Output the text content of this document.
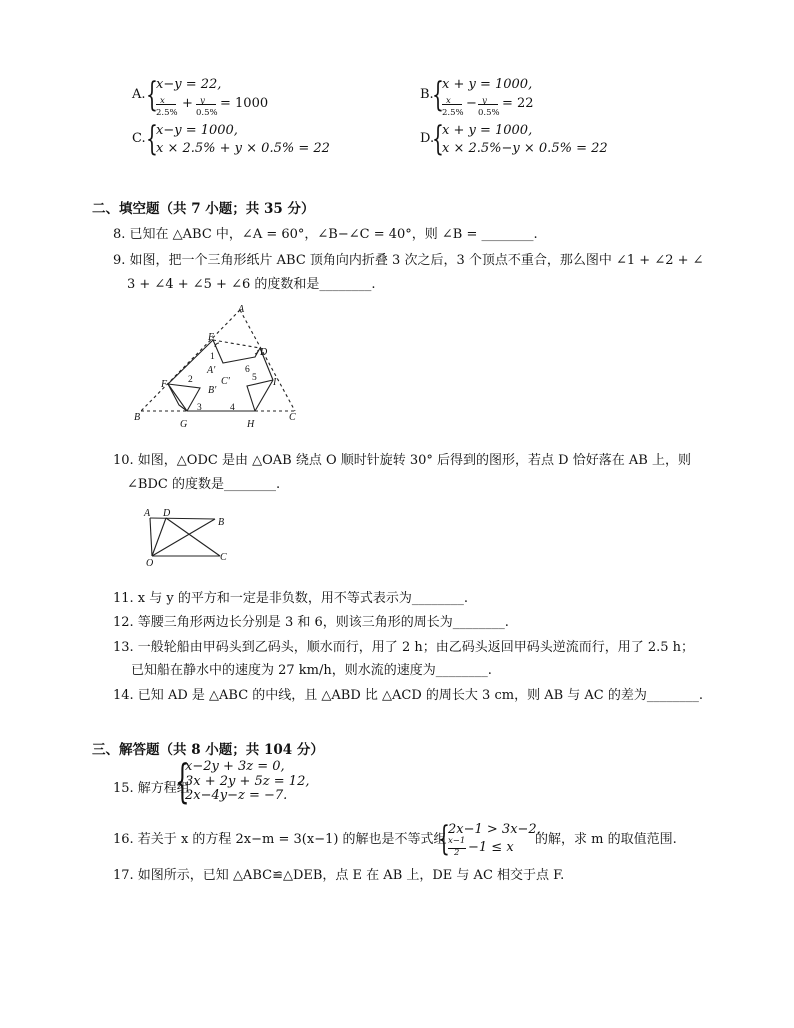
A. {
x−y = 22,
x
2.5%
+ y
0.5%
= 1000
B.
{
x + y = 1000,
x
2.5%
− y
0.5%
= 22
C. {
x−y = 1000,
x × 2.5% + y × 0.5% = 22
D.
{
x + y = 1000,
x × 2.5%−y × 0.5% = 22
二、填空题（共 7 小题；共 35 分）
8. 已知在 △ABC 中，∠A = 60°，∠B−∠C = 40°，则 ∠B = ________.
9. 如图，把一个三角形纸片 ABC 顶角向内折叠 3 次之后，3 个顶点不重合，那么图中 ∠1 + ∠2 + ∠
3 + ∠4 + ∠5 + ∠6 的度数和是________.
A
B	C
D
E
F
G	H
I
A'
B'
C'
1
2
3	4
5
6
10. 如图，△ODC 是由 △OAB 绕点 O 顺时针旋转 30° 后得到的图形，若点 D 恰好落在 AB 上，则
∠BDC 的度数是________.
A D
B
O
C
11. x 与 y 的平方和一定是非负数，用不等式表示为________.
12. 等腰三角形两边长分别是 3 和 6，则该三角形的周长为________.
13. 一般轮船由甲码头到乙码头，顺水而行，用了 2 h；由乙码头返回甲码头逆流而行，用了 2.5 h；
已知船在静水中的速度为 27 km/h，则水流的速度为________.
14. 已知 AD 是 △ABC 的中线，且 △ABD 比 △ACD 的周长大 3 cm，则 AB 与 AC 的差为________.
三、解答题（共 8 小题；共 104 分）
15. 解方程组
{
x−2y + 3z = 0,
3x + 2y + 5z = 12,
2x−4y−z = −7.
16. 若关于 x 的方程 2x−m = 3(x−1) 的解也是不等式组
{
2x−1 > 3x−2,
x−1
2 −1 ≤ x
的解，求 m 的取值范围.
17. 如图所示，已知 △ABC≌△DEB，点 E 在 AB 上，DE 与 AC 相交于点 F.
